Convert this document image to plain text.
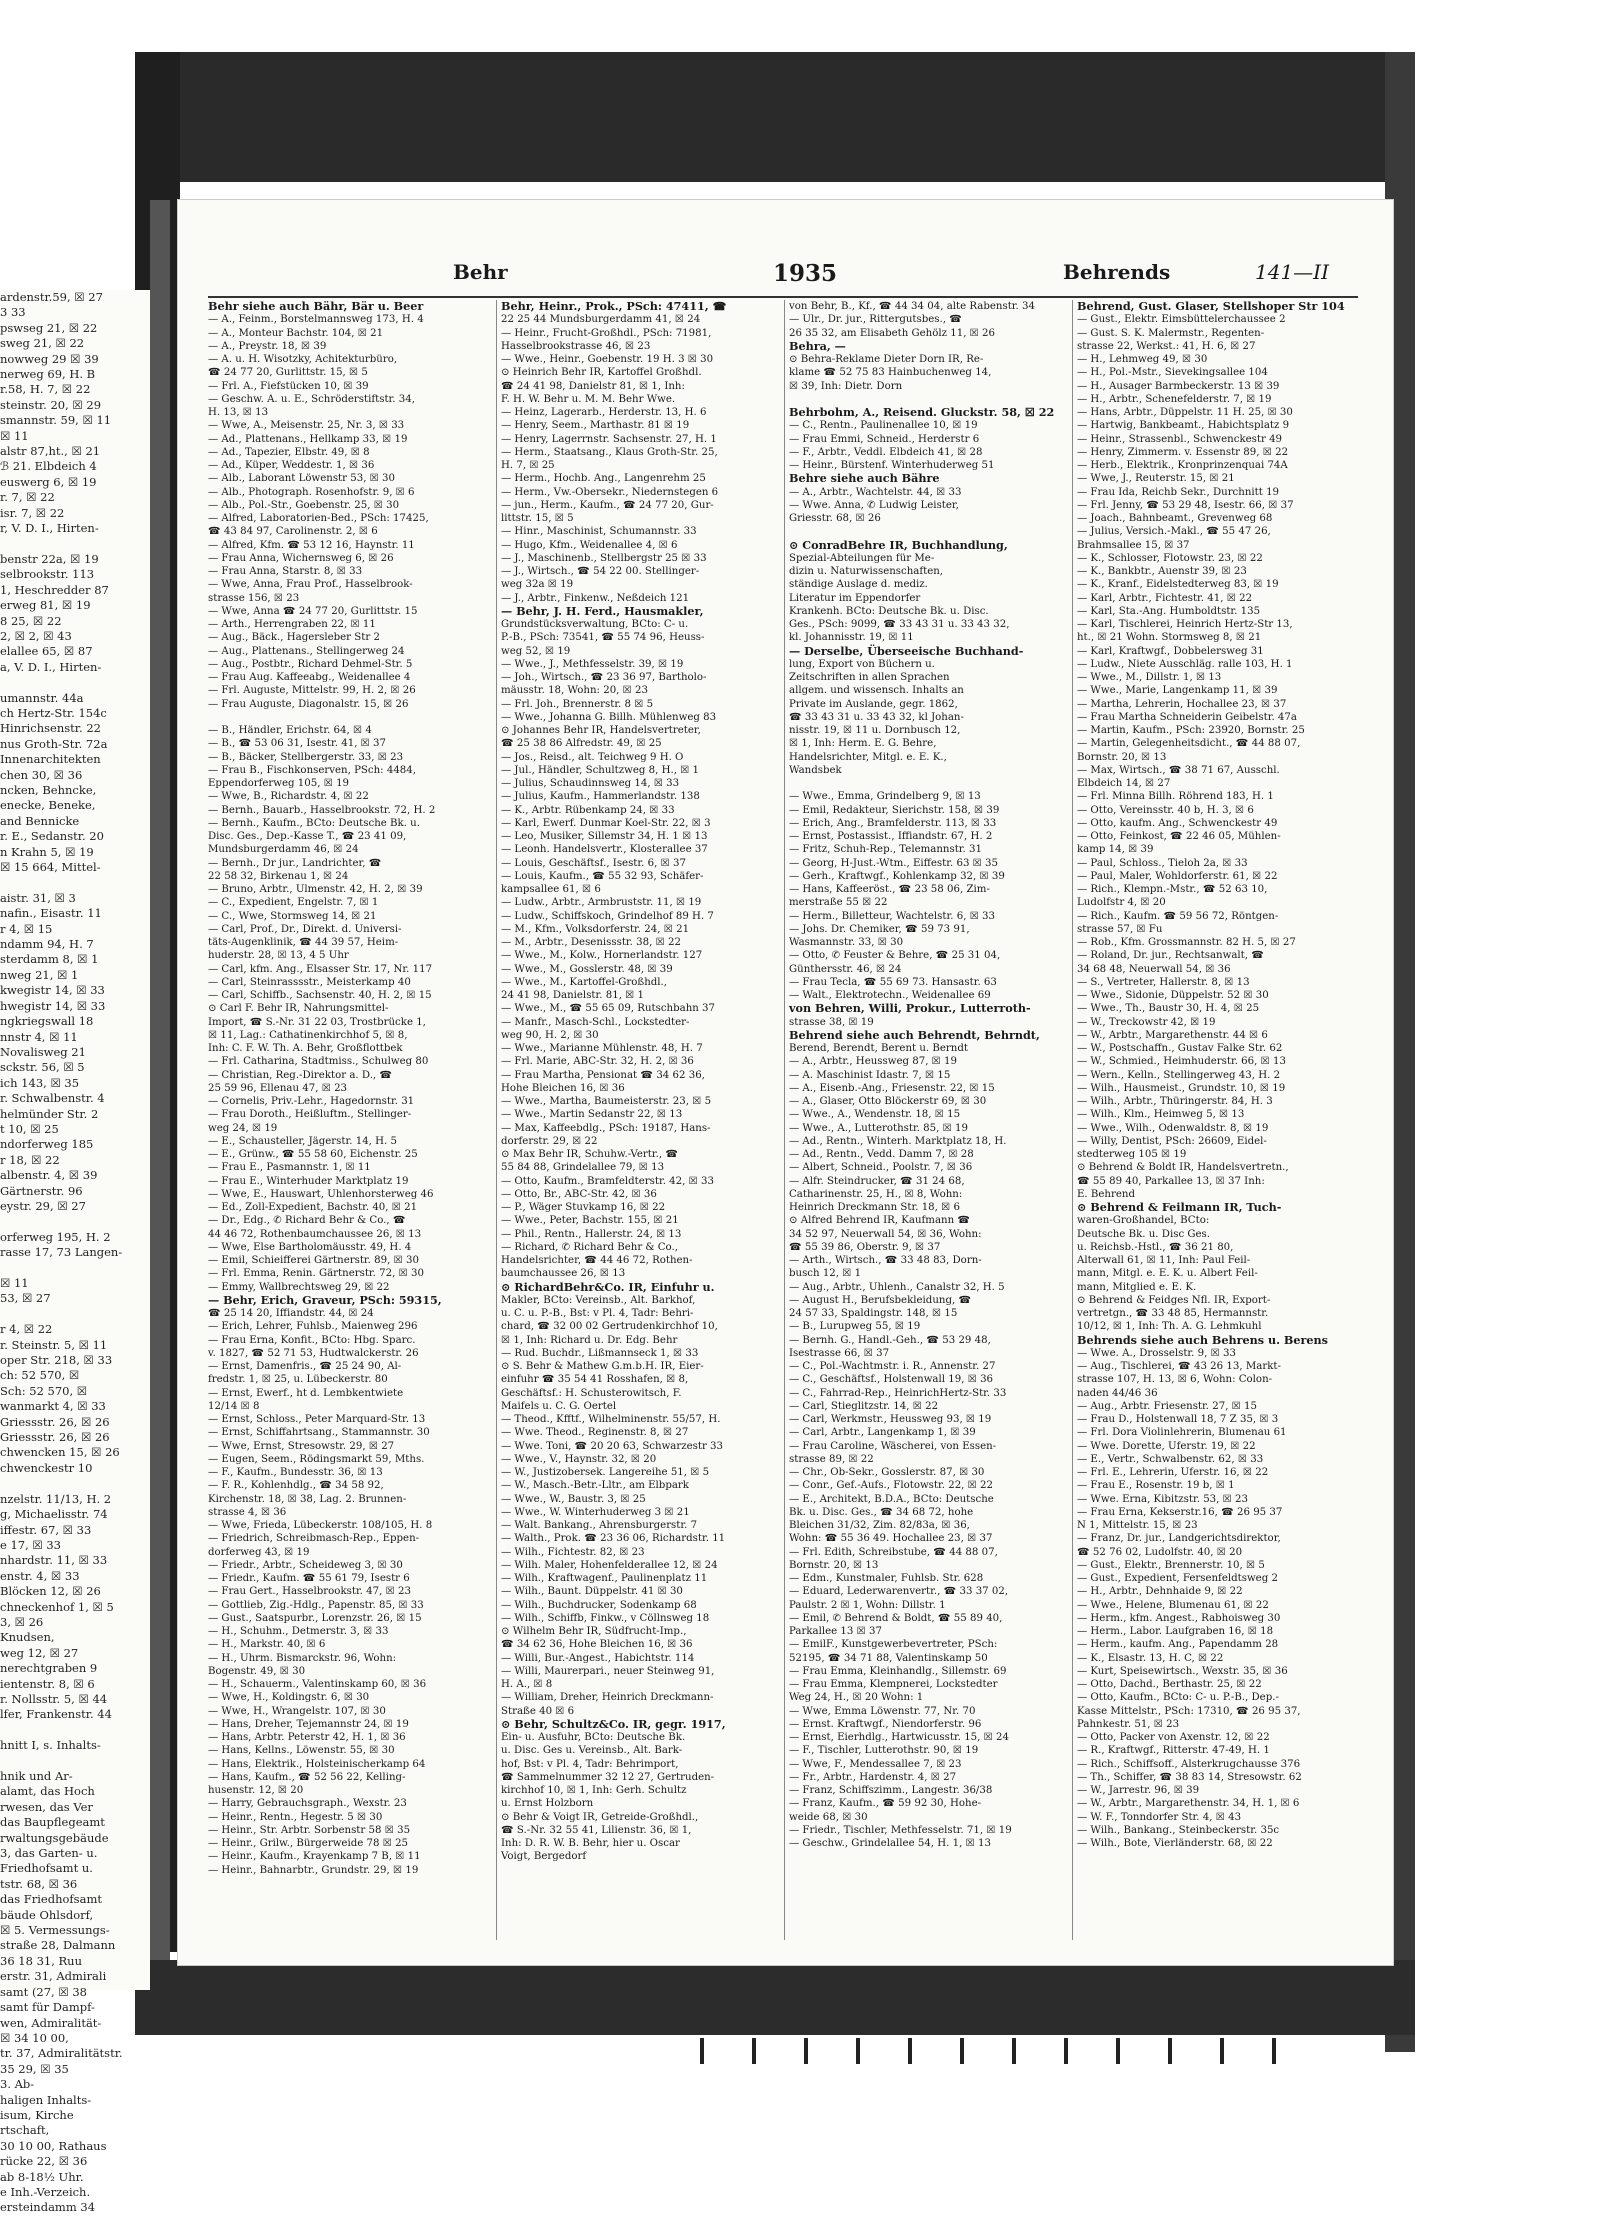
ardenstr.59, ☒ 27
3 33
pswseg 21, ☒ 22
sweg 21, ☒ 22
nowweg 29 ☒ 39
nerweg 69, H. B
r.58, H. 7, ☒ 22
steinstr. 20, ☒ 29
smannstr. 59, ☒ 11
☒ 11
alstr 87,ht., ☒ 21
ℬ 21. Elbdeich 4
euswerg 6, ☒ 19
r. 7, ☒ 22
isr. 7, ☒ 22
r, V. D. I., Hirten-

benstr 22a, ☒ 19
selbrookstr. 113
1, Heschredder 87
erweg 81, ☒ 19
8 25, ☒ 22
2, ☒ 2, ☒ 43
elallee 65, ☒ 87
a, V. D. I., Hirten-

umannstr. 44a
ch Hertz-Str. 154c
Hinrichsenstr. 22
nus Groth-Str. 72a
Innenarchitekten
chen 30, ☒ 36
ncken, Behncke,
enecke, Beneke,
and Bennicke
r. E., Sedanstr. 20
n Krahn 5, ☒ 19
☒ 15 664, Mittel-

aistr. 31, ☒ 3
nafin., Eisastr. 11
r 4, ☒ 15
ndamm 94, H. 7
sterdamm 8, ☒ 1
nweg 21, ☒ 1
kwegistr 14, ☒ 33
hwegistr 14, ☒ 33
ngkriegswall 18
nnstr 4, ☒ 11
Novalisweg 21
sckstr. 56, ☒ 5
ich 143, ☒ 35
r. Schwalbenstr. 4
helmünder Str. 2
t 10, ☒ 25
ndorferweg 185
r 18, ☒ 22
albenstr. 4, ☒ 39
Gärtnerstr. 96
eystr. 29, ☒ 27

orferweg 195, H. 2
rasse 17, 73 Langen-

☒ 11
53, ☒ 27

r 4, ☒ 22
r. Steinstr. 5, ☒ 11
oper Str. 218, ☒ 33
ch: 52 570, ☒
Sch: 52 570, ☒
wanmarkt 4, ☒ 33
Griessstr. 26, ☒ 26
Griessstr. 26, ☒ 26
chwencken 15, ☒ 26
chwenckestr 10

nzelstr. 11/13, H. 2
g, Michaelisstr. 74
iffestr. 67, ☒ 33
e 17, ☒ 33
nhardstr. 11, ☒ 33
enstr. 4, ☒ 33
Blöcken 12, ☒ 26
chneckenhof 1, ☒ 5
3, ☒ 26
Knudsen,
weg 12, ☒ 27
nerechtgraben 9
ientenstr. 8, ☒ 6
r. Nollsstr. 5, ☒ 44
lfer, Frankenstr. 44

hnitt I, s. Inhalts-

hnik und Ar-
alamt, das Hoch
rwesen, das Ver
das Baupflegeamt
rwaltungsgebäude
3, das Garten- u.
Friedhofsamt u.
tstr. 68, ☒ 36
das Friedhofsamt
bäude Ohlsdorf,
☒ 5. Vermessungs-
straße 28, Dalmann
36 18 31, Ruu
erstr. 31, Admirali
samt (27, ☒ 38
samt für Dampf-
wen, Admiralität-
☒ 34 10 00,
tr. 37, Admiralitätstr.
35 29, ☒ 35
3. Ab-
haligen Inhalts-
isum, Kirche
rtschaft,
30 10 00, Rathaus
rücke 22, ☒ 36
ab 8-18½ Uhr.
e Inh.-Verzeich.
ersteindamm 34
Behr	1935	Behrends	141—II
Behr siehe auch Bähr, Bär u. Beer
— A., Feinm., Borstelmannsweg 173, H. 4
— A., Monteur Bachstr. 104, ☒ 21
— A., Preystr. 18, ☒ 39
— A. u. H. Wisotzky, Achitekturbüro,
☎ 24 77 20, Gurlittstr. 15, ☒ 5
— Frl. A., Fiefstücken 10, ☒ 39
— Geschw. A. u. E., Schröderstiftstr. 34,
H. 13, ☒ 13
— Wwe, A., Meisenstr. 25, Nr. 3, ☒ 33
— Ad., Plattenans., Hellkamp 33, ☒ 19
— Ad., Tapezier, Elbstr. 49, ☒ 8
— Ad., Küper, Weddestr. 1, ☒ 36
— Alb., Laborant Löwenstr 53, ☒ 30
— Alb., Photograph. Rosenhofstr. 9, ☒ 6
— Alb., Pol.-Str., Goebenstr. 25, ☒ 30
— Alfred, Laboratorien-Bed., PSch: 17425,
☎ 43 84 97, Carolinenstr. 2, ☒ 6
— Alfred, Kfm. ☎ 53 12 16, Haynstr. 11
— Frau Anna, Wichernsweg 6, ☒ 26
— Frau Anna, Starstr. 8, ☒ 33
— Wwe, Anna, Frau Prof., Hasselbrook-
strasse 156, ☒ 23
— Wwe, Anna ☎ 24 77 20, Gurlittstr. 15
— Arth., Herrengraben 22, ☒ 11
— Aug., Bäck., Hagersleber Str 2
— Aug., Plattenans., Stellingerweg 24
— Aug., Postbtr., Richard Dehmel-Str. 5
— Frau Aug. Kaffeeabg., Weidenallee 4
— Frl. Auguste, Mittelstr. 99, H. 2, ☒ 26
— Frau Auguste, Diagonalstr. 15, ☒ 26

— B., Händler, Erichstr. 64, ☒ 4
— B., ☎ 53 06 31, Isestr. 41, ☒ 37
— B., Bäcker, Stellbergerstr. 33, ☒ 23
— Frau B., Fischkonserven, PSch: 4484,
Eppendorferweg 105, ☒ 19
— Wwe, B., Richardstr. 4, ☒ 22
— Bernh., Bauarb., Hasselbrookstr. 72, H. 2
— Bernh., Kaufm., BCto: Deutsche Bk. u.
Disc. Ges., Dep.-Kasse T., ☎ 23 41 09,
Mundsburgerdamm 46, ☒ 24
— Bernh., Dr jur., Landrichter, ☎
22 58 32, Birkenau 1, ☒ 24
— Bruno, Arbtr., Ulmenstr. 42, H. 2, ☒ 39
— C., Expedient, Engelstr. 7, ☒ 1
— C., Wwe, Stormsweg 14, ☒ 21
— Carl, Prof., Dr., Direkt. d. Universi-
täts-Augenklinik, ☎ 44 39 57, Heim-
huderstr. 28, ☒ 13, 4 5 Uhr
— Carl, kfm. Ang., Elsasser Str. 17, Nr. 117
— Carl, Steinrasssstr., Meisterkamp 40
— Carl, Schiffb., Sachsenstr. 40, H. 2, ☒ 15
⊙ Carl F. Behr IR, Nahrungsmittel-
Import, ☎ S.-Nr. 31 22 03, Trostbrücke 1,
☒ 11, Lag.: Cathatinenkirchhof 5, ☒ 8,
Inh: C. F. W. Th. A. Behr, Großflottbek
— Frl. Catharina, Stadtmiss., Schulweg 80
— Christian, Reg.-Direktor a. D., ☎
25 59 96, Ellenau 47, ☒ 23
— Cornelis, Priv.-Lehr., Hagedornstr. 31
— Frau Doroth., Heißluftm., Stellinger-
weg 24, ☒ 19
— E., Schausteller, Jägerstr. 14, H. 5
— E., Grünw., ☎ 55 58 60, Eichenstr. 25
— Frau E., Pasmannstr. 1, ☒ 11
— Frau E., Winterhuder Marktplatz 19
— Wwe, E., Hauswart, Uhlenhorsterweg 46
— Ed., Zoll-Expedient, Bachstr. 40, ☒ 21
— Dr., Edg., ✆ Richard Behr & Co., ☎
44 46 72, Rothenbaumchaussee 26, ☒ 13
— Wwe, Else Bartholomäusstr. 49, H. 4
— Emil, Schieifferei Gärtnerstr. 89, ☒ 30
— Frl. Emma, Renin. Gärtnerstr. 72, ☒ 30
— Emmy, Wallbrechtsweg 29, ☒ 22
— Behr, Erich, Graveur, PSch: 59315,
☎ 25 14 20, Iffiandstr. 44, ☒ 24
— Erich, Lehrer, Fuhlsb., Maienweg 296
— Frau Erna, Konfit., BCto: Hbg. Sparc.
v. 1827, ☎ 52 71 53, Hudtwalckerstr. 26
— Ernst, Damenfris., ☎ 25 24 90, Al-
fredstr. 1, ☒ 25, u. Lübeckerstr. 80
— Ernst, Ewerf., ht d. Lembkentwiete
12/14 ☒ 8
— Ernst, Schloss., Peter Marquard-Str. 13
— Ernst, Schiffahrtsang., Stammannstr. 30
— Wwe, Ernst, Stresowstr. 29, ☒ 27
— Eugen, Seem., Rödingsmarkt 59, Mths.
— F., Kaufm., Bundesstr. 36, ☒ 13
— F. R., Kohlenhdlg., ☎ 34 58 92,
Kirchenstr. 18, ☒ 38, Lag. 2. Brunnen-
strasse 4, ☒ 36
— Wwe, Frieda, Lübeckerstr. 108/105, H. 8
— Friedrich, Schreibmasch-Rep., Eppen-
dorferweg 43, ☒ 19
— Friedr., Arbtr., Scheideweg 3, ☒ 30
— Friedr., Kaufm. ☎ 55 61 79, Isestr 6
— Frau Gert., Hasselbrookstr. 47, ☒ 23
— Gottlieb, Zig.-Hdlg., Papenstr. 85, ☒ 33
— Gust., Saatspurbr., Lorenzstr. 26, ☒ 15
— H., Schuhm., Detmerstr. 3, ☒ 33
— H., Markstr. 40, ☒ 6
— H., Uhrm. Bismarckstr. 96, Wohn:
Bogenstr. 49, ☒ 30
— H., Schauerm., Valentinskamp 60, ☒ 36
— Wwe, H., Koldingstr. 6, ☒ 30
— Wwe, H., Wrangelstr. 107, ☒ 30
— Hans, Dreher, Tejemannstr 24, ☒ 19
— Hans, Arbtr. Peterstr 42, H. 1, ☒ 36
— Hans, Kellns., Löwenstr. 55, ☒ 30
— Hans, Elektrik., Holsteinischerkamp 64
— Hans, Kaufm., ☎ 52 56 22, Kelling-
husenstr. 12, ☒ 20
— Harry, Gebrauchsgraph., Wexstr. 23
— Heinr., Rentn., Hegestr. 5 ☒ 30
— Heinr., Str. Arbtr. Sorbenstr 58 ☒ 35
— Heinr., Grilw., Bürgerweide 78 ☒ 25
— Heinr., Kaufm., Krayenkamp 7 B, ☒ 11
— Heinr., Bahnarbtr., Grundstr. 29, ☒ 19
Behr, Heinr., Prok., PSch: 47411, ☎
22 25 44 Mundsburgerdamm 41, ☒ 24
— Heinr., Frucht-Großhdl., PSch: 71981,
Hasselbrookstrasse 46, ☒ 23
— Wwe., Heinr., Goebenstr. 19 H. 3 ☒ 30
⊙ Heinrich Behr IR, Kartoffel Großhdl.
☎ 24 41 98, Danielstr 81, ☒ 1, Inh:
F. H. W. Behr u. M. M. Behr Wwe.
— Heinz, Lagerarb., Herderstr. 13, H. 6
— Henry, Seem., Marthastr. 81 ☒ 19
— Henry, Lagerrnstr. Sachsenstr. 27, H. 1
— Herm., Staatsang., Klaus Groth-Str. 25,
H. 7, ☒ 25
— Herm., Hochb. Ang., Langenrehm 25
— Herm., Vw.-Obersekr., Niedernstegen 6
— jun., Herm., Kaufm., ☎ 24 77 20, Gur-
littstr. 15, ☒ 5
— Hinr., Maschinist, Schumannstr. 33
— Hugo, Kfm., Weidenallee 4, ☒ 6
— J., Maschinenb., Stellbergstr 25 ☒ 33
— J., Wirtsch., ☎ 54 22 00. Stellinger-
weg 32a ☒ 19
— J., Arbtr., Finkenw., Neßdeich 121
— Behr, J. H. Ferd., Hausmakler,
Grundstücksverwaltung, BCto: C- u.
P.-B., PSch: 73541, ☎ 55 74 96, Heuss-
weg 52, ☒ 19
— Wwe., J., Methfesselstr. 39, ☒ 19
— Joh., Wirtsch., ☎ 23 36 97, Bartholo-
mäusstr. 18, Wohn: 20, ☒ 23
— Frl. Joh., Brennerstr. 8 ☒ 5
— Wwe., Johanna G. Billh. Mühlenweg 83
⊙ Johannes Behr IR, Handelsvertreter,
☎ 25 38 86 Alfredstr. 49, ☒ 25
— Jos., Reisd., alt. Teichweg 9 H. O
— Jul., Händler, Schultzweg 8, H., ☒ 1
— Julius, Schaudinnsweg 14, ☒ 33
— Julius, Kaufm., Hammerlandstr. 138
— K., Arbtr. Rübenkamp 24, ☒ 33
— Karl, Ewerf. Dunmar Koel-Str. 22, ☒ 3
— Leo, Musiker, Sillemstr 34, H. 1 ☒ 13
— Leonh. Handelsvertr., Klosterallee 37
— Louis, Geschäftsf., Isestr. 6, ☒ 37
— Louis, Kaufm., ☎ 55 32 93, Schäfer-
kampsallee 61, ☒ 6
— Ludw., Arbtr., Armbruststr. 11, ☒ 19
— Ludw., Schiffskoch, Grindelhof 89 H. 7
— M., Kfm., Volksdorferstr. 24, ☒ 21
— M., Arbtr., Desenissstr. 38, ☒ 22
— Wwe., M., Kolw., Hornerlandstr. 127
— Wwe., M., Gosslerstr. 48, ☒ 39
— Wwe., M., Kartoffel-Großhdl.,
24 41 98, Danielstr. 81, ☒ 1
— Wwe., M., ☎ 55 65 09, Rutschbahn 37
— Manfr., Masch-Schl., Lockstedter-
weg 90, H. 2, ☒ 30
— Wwe., Marianne Mühlenstr. 48, H. 7
— Frl. Marie, ABC-Str. 32, H. 2, ☒ 36
— Frau Martha, Pensionat ☎ 34 62 36,
Hohe Bleichen 16, ☒ 36
— Wwe., Martha, Baumeisterstr. 23, ☒ 5
— Wwe., Martin Sedanstr 22, ☒ 13
— Max, Kaffeebdlg., PSch: 19187, Hans-
dorferstr. 29, ☒ 22
⊙ Max Behr IR, Schuhw.-Vertr., ☎
55 84 88, Grindelallee 79, ☒ 13
— Otto, Kaufm., Bramfeldterstr. 42, ☒ 33
— Otto, Br., ABC-Str. 42, ☒ 36
— P., Wäger Stuvkamp 16, ☒ 22
— Wwe., Peter, Bachstr. 155, ☒ 21
— Phil., Rentn., Hallerstr. 24, ☒ 13
— Richard, ✆ Richard Behr & Co.,
Handelsrichter, ☎ 44 46 72, Rothen-
baumchaussee 26, ☒ 13
⊙ RichardBehr&Co. IR, Einfuhr u.
Makler, BCto: Vereinsb., Alt. Barkhof,
u. C. u. P.-B., Bst: v Pl. 4, Tadr: Behri-
chard, ☎ 32 00 02 Gertrudenkirchhof 10,
☒ 1, Inh: Richard u. Dr. Edg. Behr
— Rud. Buchdr., Lißmannseck 1, ☒ 33
⊙ S. Behr & Mathew G.m.b.H. IR, Eier-
einfuhr ☎ 35 54 41 Rosshafen, ☒ 8,
Geschäftsf.: H. Schusterowitsch, F.
Maifels u. C. G. Oertel
— Theod., Kfftf., Wilhelminenstr. 55/57, H.
— Wwe. Theod., Reginenstr. 8, ☒ 27
— Wwe. Toni, ☎ 20 20 63, Schwarzestr 33
— Wwe., V., Haynstr. 32, ☒ 20
— W., Justizobersek. Langereihe 51, ☒ 5
— W., Masch.-Betr.-Lltr., am Elbpark
— Wwe., W., Baustr. 3, ☒ 25
— Wwe., W. Winterhuderweg 3 ☒ 21
— Walt. Bankang., Ahrensburgerstr. 7
— Walth., Prok. ☎ 23 36 06, Richardstr. 11
— Wilh., Fichtestr. 82, ☒ 23
— Wilh. Maler, Hohenfelderallee 12, ☒ 24
— Wilh., Kraftwagenf., Paulinenplatz 11
— Wilh., Baunt. Düppelstr. 41 ☒ 30
— Wilh., Buchdrucker, Sodenkamp 68
— Wilh., Schiffb, Finkw., v Cöllnsweg 18
⊙ Wilhelm Behr IR, Südfrucht-Imp.,
☎ 34 62 36, Hohe Bleichen 16, ☒ 36
— Willi, Bur.-Angest., Habichtstr. 114
— Willi, Maurerpari., neuer Steinweg 91,
H. A., ☒ 8
— William, Dreher, Heinrich Dreckmann-
Straße 40 ☒ 6
⊙ Behr, Schultz&Co. IR, gegr. 1917,
Ein- u. Ausfuhr, BCto: Deutsche Bk.
u. Disc. Ges u. Vereinsb., Alt. Bark-
hof, Bst: v Pl. 4, Tadr: Behrimport,
☎ Sammelnummer 32 12 27, Gertruden-
kirchhof 10, ☒ 1, Inh: Gerh. Schultz
u. Ernst Holzborn
⊙ Behr & Voigt IR, Getreide-Großhdl.,
☎ S.-Nr. 32 55 41, Lilienstr. 36, ☒ 1,
Inh: D. R. W. B. Behr, hier u. Oscar
Voigt, Bergedorf
von Behr, B., Kf., ☎ 44 34 04, alte Rabenstr. 34
— Ulr., Dr. jur., Rittergutsbes., ☎
26 35 32, am Elisabeth Gehölz 11, ☒ 26
Behra, —
⊙ Behra-Reklame Dieter Dorn IR, Re-
klame ☎ 52 75 83 Hainbuchenweg 14,
☒ 39, Inh: Dietr. Dorn

Behrbohm, A., Reisend. Gluckstr. 58, ☒ 22
— C., Rentn., Paulinenallee 10, ☒ 19
— Frau Emmi, Schneid., Herderstr 6
— F., Arbtr., Veddl. Elbdeich 41, ☒ 28
— Heinr., Bürstenf. Winterhuderweg 51
Behre siehe auch Bähre
— A., Arbtr., Wachtelstr. 44, ☒ 33
— Wwe. Anna, ✆ Ludwig Leister,
Griesstr. 68, ☒ 26

⊙ ConradBehre IR, Buchhandlung,
Spezial-Abteilungen für Me-
dizin u. Naturwissenschaften,
ständige Auslage d. mediz.
Literatur im Eppendorfer
Krankenh. BCto: Deutsche Bk. u. Disc.
Ges., PSch: 9099, ☎ 33 43 31 u. 33 43 32,
kl. Johannisstr. 19, ☒ 11
— Derselbe, Überseeische Buchhand-
lung, Export von Büchern u.
Zeitschriften in allen Sprachen
allgem. und wissensch. Inhalts an
Private im Auslande, gegr. 1862,
☎ 33 43 31 u. 33 43 32, kl Johan-
nisstr. 19, ☒ 11 u. Dornbusch 12,
☒ 1, Inh: Herm. E. G. Behre,
Handelsrichter, Mitgl. e. E. K.,
Wandsbek

— Wwe., Emma, Grindelberg 9, ☒ 13
— Emil, Redakteur, Sierichstr. 158, ☒ 39
— Erich, Ang., Bramfelderstr. 113, ☒ 33
— Ernst, Postassist., Iffiandstr. 67, H. 2
— Fritz, Schuh-Rep., Telemannstr. 31
— Georg, H-Just.-Wtm., Eiffestr. 63 ☒ 35
— Gerh., Kraftwgf., Kohlenkamp 32, ☒ 39
— Hans, Kaffeeröst., ☎ 23 58 06, Zim-
merstraße 55 ☒ 22
— Herm., Billetteur, Wachtelstr. 6, ☒ 33
— Johs. Dr. Chemiker, ☎ 59 73 91,
Wasmannstr. 33, ☒ 30
— Otto, ✆ Feuster & Behre, ☎ 25 31 04,
Günthersstr. 46, ☒ 24
— Frau Tecla, ☎ 55 69 73. Hansastr. 63
— Walt., Elektrotechn., Weidenallee 69
von Behren, Willi, Prokur., Lutterroth-
strasse 38, ☒ 19
Behrend siehe auch Behrendt, Behrndt,
Berend, Berendt, Berent u. Berndt
— A., Arbtr., Heussweg 87, ☒ 19
— A. Maschinist Idastr. 7, ☒ 15
— A., Eisenb.-Ang., Friesenstr. 22, ☒ 15
— A., Glaser, Otto Blöckerstr 69, ☒ 30
— Wwe., A., Wendenstr. 18, ☒ 15
— Wwe., A., Lutterothstr. 85, ☒ 19
— Ad., Rentn., Winterh. Marktplatz 18, H.
— Ad., Rentn., Vedd. Damm 7, ☒ 28
— Albert, Schneid., Poolstr. 7, ☒ 36
— Alfr. Steindrucker, ☎ 31 24 68,
Catharinenstr. 25, H., ☒ 8, Wohn:
Heinrich Dreckmann Str. 18, ☒ 6
⊙ Alfred Behrend IR, Kaufmann ☎
34 52 97, Neuerwall 54, ☒ 36, Wohn:
☎ 55 39 86, Oberstr. 9, ☒ 37
— Arth., Wirtsch., ☎ 33 48 83, Dorn-
busch 12, ☒ 1
— Aug., Arbtr., Uhlenh., Canalstr 32, H. 5
— August H., Berufsbekleidung, ☎
24 57 33, Spaldingstr. 148, ☒ 15
— B., Lurupweg 55, ☒ 19
— Bernh. G., Handl.-Geh., ☎ 53 29 48,
Isestrasse 66, ☒ 37
— C., Pol.-Wachtmstr. i. R., Annenstr. 27
— C., Geschäftsf., Holstenwall 19, ☒ 36
— C., Fahrrad-Rep., HeinrichHertz-Str. 33
— Carl, Stieglitzstr. 14, ☒ 22
— Carl, Werkmstr., Heussweg 93, ☒ 19
— Carl, Arbtr., Langenkamp 1, ☒ 39
— Frau Caroline, Wäscherei, von Essen-
strasse 89, ☒ 22
— Chr., Ob-Sekr., Gosslerstr. 87, ☒ 30
— Conr., Gef.-Aufs., Flotowstr. 22, ☒ 22
— E., Architekt, B.D.A., BCto: Deutsche
Bk. u. Disc. Ges., ☎ 34 68 72, hohe
Bleichen 31/32, Zim. 82/83a, ☒ 36,
Wohn: ☎ 55 36 49. Hochallee 23, ☒ 37
— Frl. Edith, Schreibstube, ☎ 44 88 07,
Bornstr. 20, ☒ 13
— Edm., Kunstmaler, Fuhlsb. Str. 628
— Eduard, Lederwarenvertr., ☎ 33 37 02,
Paulstr. 2 ☒ 1, Wohn: Dillstr. 1
— Emil, ✆ Behrend & Boldt, ☎ 55 89 40,
Parkallee 13 ☒ 37
— EmilF., Kunstgewerbevertreter, PSch:
52195, ☎ 34 71 88, Valentinskamp 50
— Frau Emma, Kleinhandlg., Sillemstr. 69
— Frau Emma, Klempnerei, Lockstedter
Weg 24, H., ☒ 20 Wohn: 1
— Wwe, Emma Löwenstr. 77, Nr. 70
— Ernst. Kraftwgf., Niendorferstr. 96
— Ernst, Eierhdlg., Hartwicusstr. 15, ☒ 24
— F., Tischler, Lutterothstr. 90, ☒ 19
— Wwe, F., Mendessallee 7, ☒ 23
— Fr., Arbtr., Hardenstr. 4, ☒ 27
— Franz, Schiffszimm., Langestr. 36/38
— Franz, Kaufm., ☎ 59 92 30, Hohe-
weide 68, ☒ 30
— Friedr., Tischler, Methfesselstr. 71, ☒ 19
— Geschw., Grindelallee 54, H. 1, ☒ 13
Behrend, Gust. Glaser, Stellshoper Str 104
— Gust., Elektr. Eimsbüttelerchaussee 2
— Gust. S. K. Malermstr., Regenten-
strasse 22, Werkst.: 41, H. 6, ☒ 27
— H., Lehmweg 49, ☒ 30
— H., Pol.-Mstr., Sievekingsallee 104
— H., Ausager Barmbeckerstr. 13 ☒ 39
— H., Arbtr., Schenefelderstr. 7, ☒ 19
— Hans, Arbtr., Düppelstr. 11 H. 25, ☒ 30
— Hartwig, Bankbeamt., Habichtsplatz 9
— Heinr., Strassenbl., Schwenckestr 49
— Henry, Zimmerm. v. Essenstr 89, ☒ 22
— Herb., Elektrik., Kronprinzenquai 74A
— Wwe, J., Reuterstr. 15, ☒ 21
— Frau Ida, Reichb Sekr., Durchnitt 19
— Frl. Jenny, ☎ 53 29 48, Isestr. 66, ☒ 37
— Joach., Bahnbeamt., Grevenweg 68
— Julius, Versich.-Makl., ☎ 55 47 26,
Brahmsallee 15, ☒ 37
— K., Schlosser, Flotowstr. 23, ☒ 22
— K., Bankbtr., Auenstr 39, ☒ 23
— K., Kranf., Eidelstedterweg 83, ☒ 19
— Karl, Arbtr., Fichtestr. 41, ☒ 22
— Karl, Sta.-Ang. Humboldtstr. 135
— Karl, Tischlerei, Heinrich Hertz-Str 13,
ht., ☒ 21 Wohn. Stormsweg 8, ☒ 21
— Karl, Kraftwgf., Dobbelersweg 31
— Ludw., Niete Ausschläg. ralle 103, H. 1
— Wwe., M., Dillstr. 1, ☒ 13
— Wwe., Marie, Langenkamp 11, ☒ 39
— Martha, Lehrerin, Hochallee 23, ☒ 37
— Frau Martha Schneiderin Geibelstr. 47a
— Martin, Kaufm., PSch: 23920, Bornstr. 25
— Martin, Gelegenheitsdicht., ☎ 44 88 07,
Bornstr. 20, ☒ 13
— Max, Wirtsch., ☎ 38 71 67, Ausschl.
Elbdeich 14, ☒ 27
— Frl. Minna Billh. Röhrend 183, H. 1
— Otto, Vereinsstr. 40 b, H. 3, ☒ 6
— Otto, kaufm. Ang., Schwenckestr 49
— Otto, Feinkost, ☎ 22 46 05, Mühlen-
kamp 14, ☒ 39
— Paul, Schloss., Tieloh 2a, ☒ 33
— Paul, Maler, Wohldorferstr. 61, ☒ 22
— Rich., Klempn.-Mstr., ☎ 52 63 10,
Ludolfstr 4, ☒ 20
— Rich., Kaufm. ☎ 59 56 72, Röntgen-
strasse 57, ☒ Fu
— Rob., Kfm. Grossmannstr. 82 H. 5, ☒ 27
— Roland, Dr. jur., Rechtsanwalt, ☎
34 68 48, Neuerwall 54, ☒ 36
— S., Vertreter, Hallerstr. 8, ☒ 13
— Wwe., Sidonie, Düppelstr. 52 ☒ 30
— Wwe., Th., Baustr 30, H. 4, ☒ 25
— W., Treckowstr 42, ☒ 19
— W., Arbtr., Margarethenstr. 44 ☒ 6
— W., Postschaffn., Gustav Falke Str. 62
— W., Schmied., Heimhuderstr. 66, ☒ 13
— Wern., Kelln., Stellingerweg 43, H. 2
— Wilh., Hausmeist., Grundstr. 10, ☒ 19
— Wilh., Arbtr., Thüringerstr. 84, H. 3
— Wilh., Klm., Heimweg 5, ☒ 13
— Wwe., Wilh., Odenwaldstr. 8, ☒ 19
— Willy, Dentist, PSch: 26609, Eidel-
stedterweg 105 ☒ 19
⊙ Behrend & Boldt IR, Handelsvertretn.,
☎ 55 89 40, Parkallee 13, ☒ 37 Inh:
E. Behrend
⊙ Behrend & Feilmann IR, Tuch-
waren-Großhandel, BCto:
Deutsche Bk. u. Disc Ges.
u. Reichsb.-Hstl., ☎ 36 21 80,
Alterwall 61, ☒ 11, Inh: Paul Feil-
mann, Mitgl. e. E. K. u. Albert Feil-
mann, Mitglied e. E. K.
⊙ Behrend & Feidges Nfl. IR, Export-
vertretgn., ☎ 33 48 85, Hermannstr.
10/12, ☒ 1, Inh: Th. A. G. Lehmkuhl
Behrends siehe auch Behrens u. Berens
— Wwe. A., Drosselstr. 9, ☒ 33
— Aug., Tischlerei, ☎ 43 26 13, Markt-
strasse 107, H. 13, ☒ 6, Wohn: Colon-
naden 44/46 36
— Aug., Arbtr. Friesenstr. 27, ☒ 15
— Frau D., Holstenwall 18, 7 Z 35, ☒ 3
— Frl. Dora Violinlehrerin, Blumenau 61
— Wwe. Dorette, Uferstr. 19, ☒ 22
— E., Vertr., Schwalbenstr. 62, ☒ 33
— Frl. E., Lehrerin, Uferstr. 16, ☒ 22
— Frau E., Rosenstr. 19 b, ☒ 1
— Wwe. Erna, Kibitzstr. 53, ☒ 23
— Frau Erna, Kekserstr.16, ☎ 26 95 37
N 1, Mittelstr. 15, ☒ 23
— Franz, Dr. jur., Landgerichtsdirektor,
☎ 52 76 02, Ludolfstr. 40, ☒ 20
— Gust., Elektr., Brennerstr. 10, ☒ 5
— Gust., Expedient, Fersenfeldtsweg 2
— H., Arbtr., Dehnhaide 9, ☒ 22
— Wwe., Helene, Blumenau 61, ☒ 22
— Herm., kfm. Angest., Rabhoisweg 30
— Herm., Labor. Laufgraben 16, ☒ 18
— Herm., kaufm. Ang., Papendamm 28
— K., Elsastr. 13, H. C, ☒ 22
— Kurt, Speisewirtsch., Wexstr. 35, ☒ 36
— Otto, Dachd., Berthastr. 25, ☒ 22
— Otto, Kaufm., BCto: C- u. P.-B., Dep.-
Kasse Mittelstr., PSch: 17310, ☎ 26 95 37,
Pahnkestr. 51, ☒ 23
— Otto, Packer von Axenstr. 12, ☒ 22
— R., Kraftwgf., Ritterstr. 47-49, H. 1
— Rich., Schiffsoff., Alsterkrugchausse 376
— Th., Schiffer, ☎ 38 83 14, Stresowstr. 62
— W., Jarrestr. 96, ☒ 39
— W., Arbtr., Margarethenstr. 34, H. 1, ☒ 6
— W. F., Tonndorfer Str. 4, ☒ 43
— Wilh., Bankang., Steinbeckerstr. 35c
— Wilh., Bote, Vierländerstr. 68, ☒ 22
